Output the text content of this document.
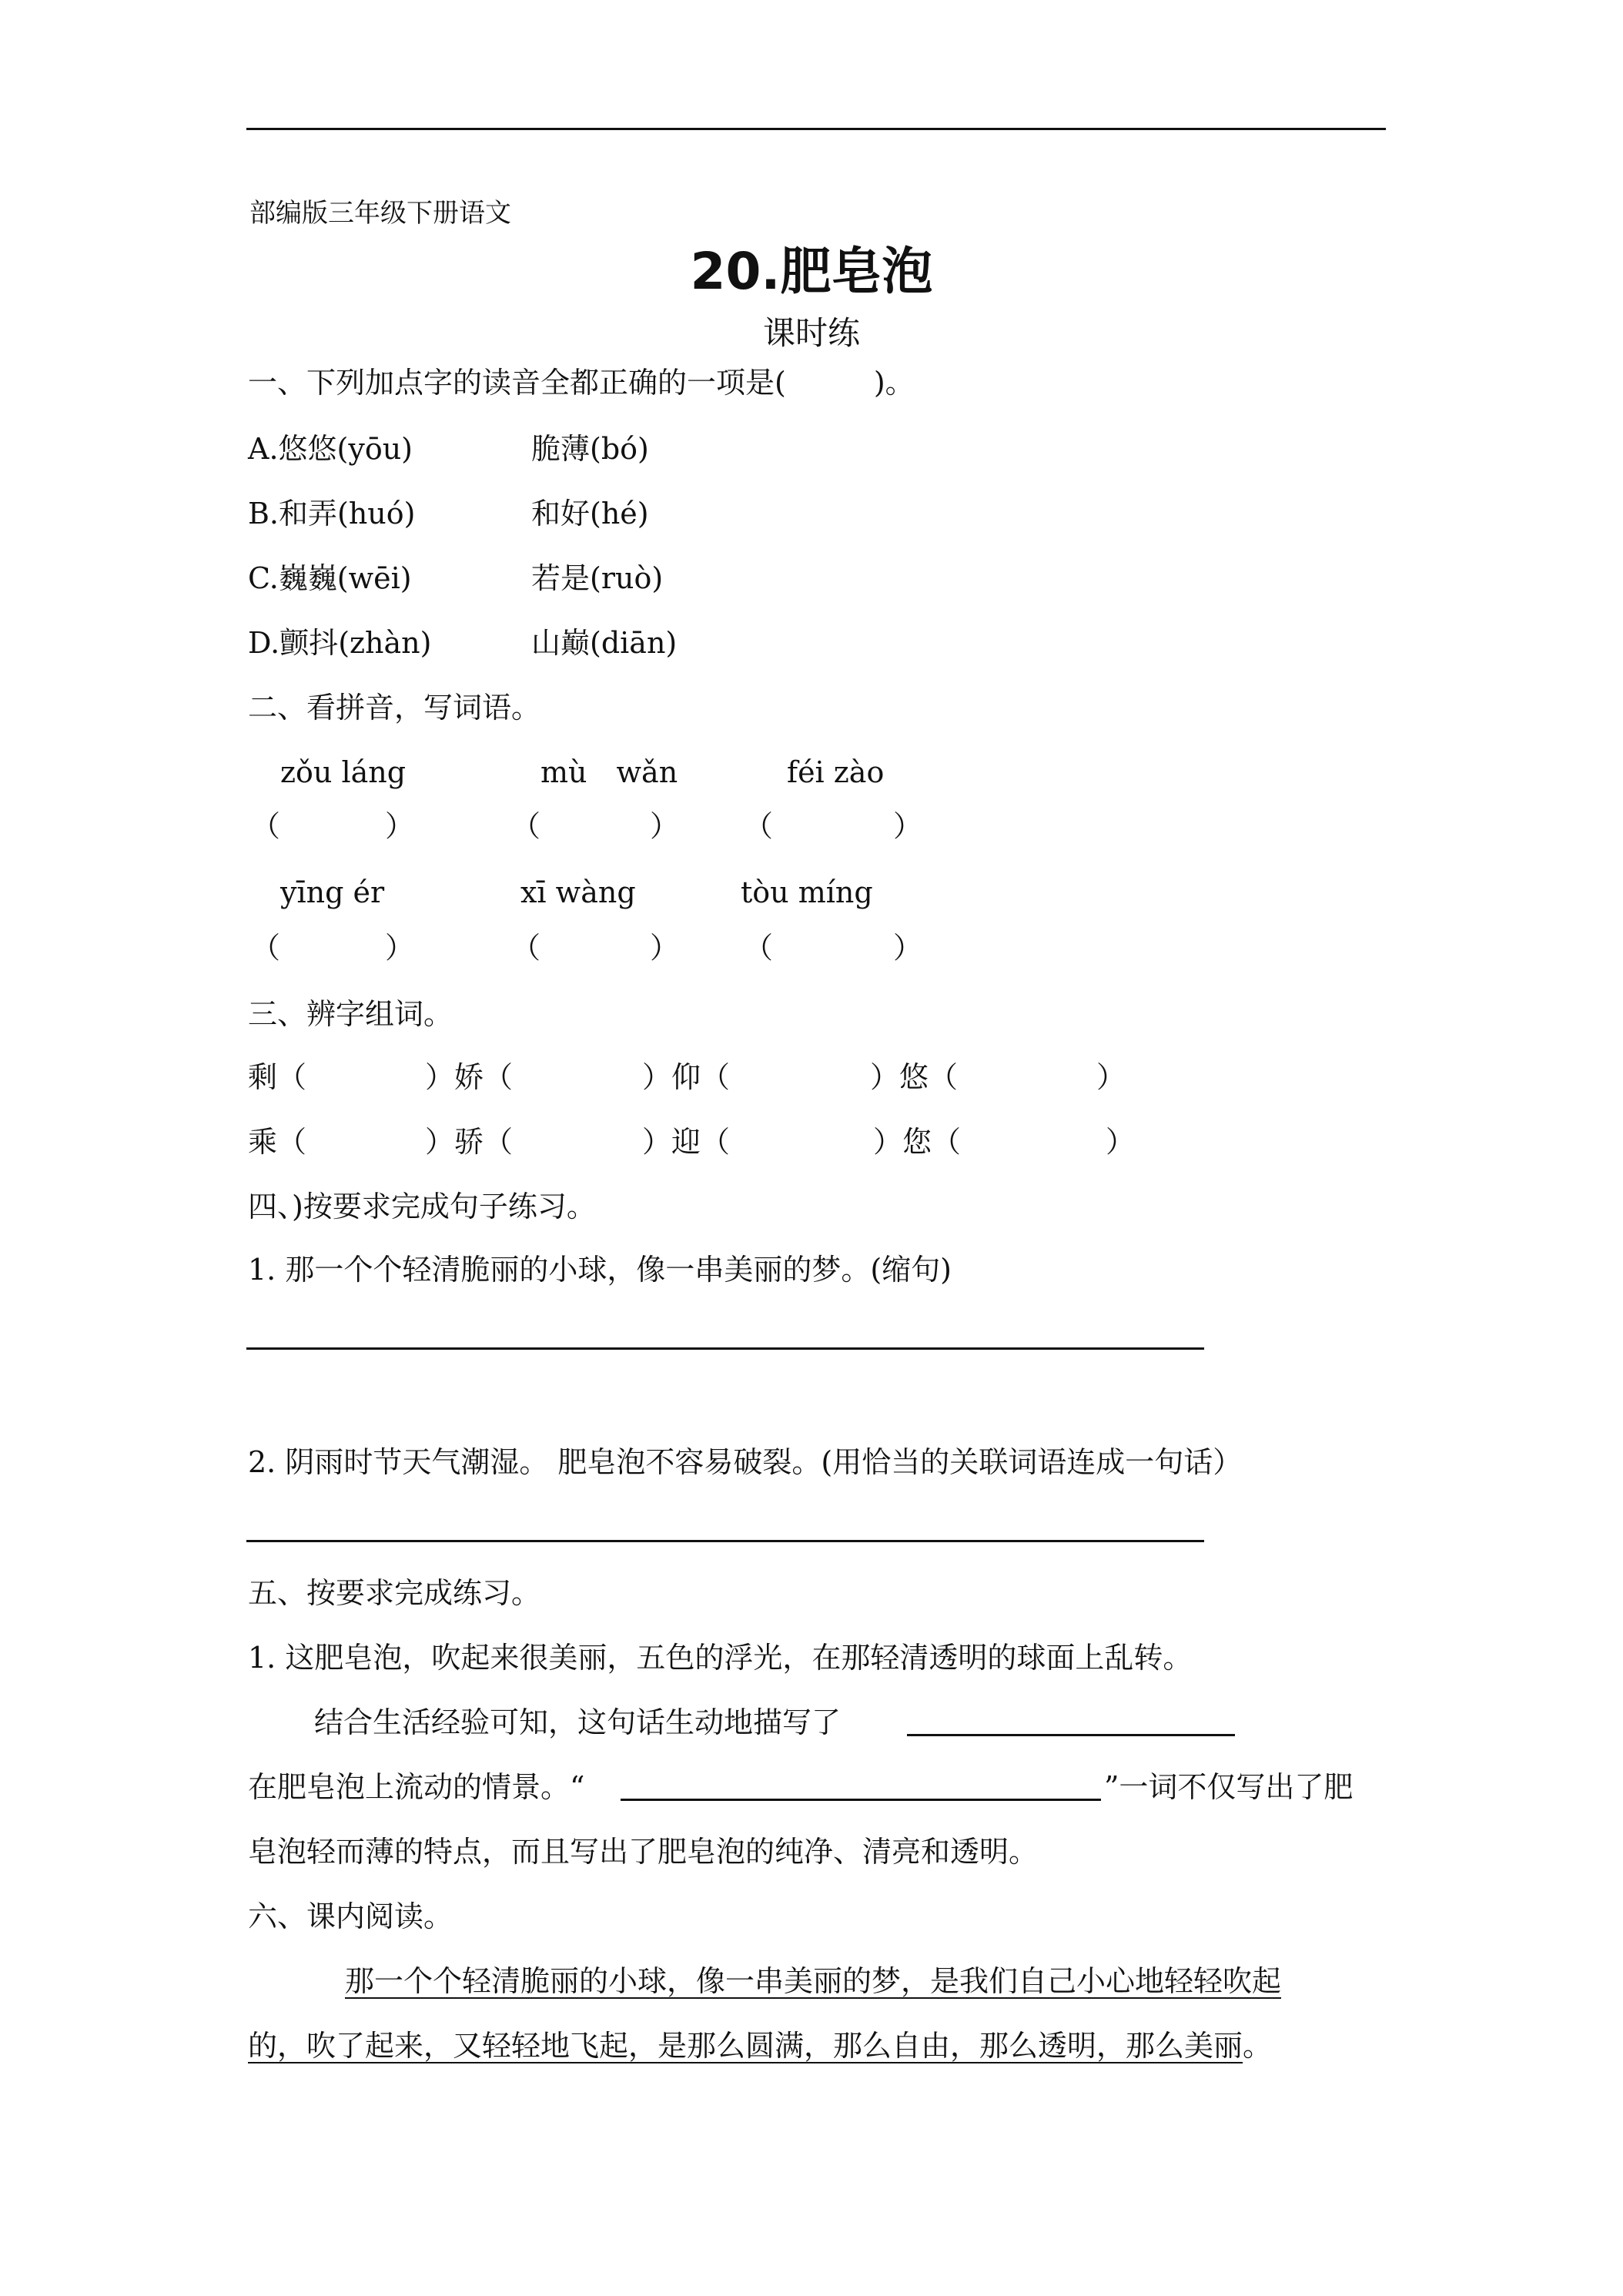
部编版三年级下册语文
20.肥皂泡
课时练
一、下列加点字的读音全都正确的一项是(　　　)。
A.悠悠(yōu)	脆薄(bó)
B.和弄(huó)	和好(hé)
C.巍巍(wēi)	若是(ruò)
D.颤抖(zhàn)	山巅(diān)
二、看拼音，写词语。
zǒu láng	mù　wǎn	féi zào
（	）	（	） （	）
yīng ér	xī wàng	tòu míng
（	）	（	） （	）
三、辨字组词。
剩（	）娇（	）仰（	）悠（	）
乘（	）骄（	）迎（	）您（	）
四、)按要求完成句子练习。
1. 那一个个轻清脆丽的小球，像一串美丽的梦。(缩句)
2. 阴雨时节天气潮湿。 肥皂泡不容易破裂。(用恰当的关联词语连成一句话）
五、按要求完成练习。
1. 这肥皂泡，吹起来很美丽，五色的浮光，在那轻清透明的球面上乱转。
结合生活经验可知，这句话生动地描写了
在肥皂泡上流动的情景。“	”一词不仅写出了肥
皂泡轻而薄的特点，而且写出了肥皂泡的纯净、清亮和透明。
六、课内阅读。
那一个个轻清脆丽的小球，像一串美丽的梦，是我们自己小心地轻轻吹起
的，吹了起来，又轻轻地飞起，是那么圆满，那么自由，那么透明，那么美丽。
